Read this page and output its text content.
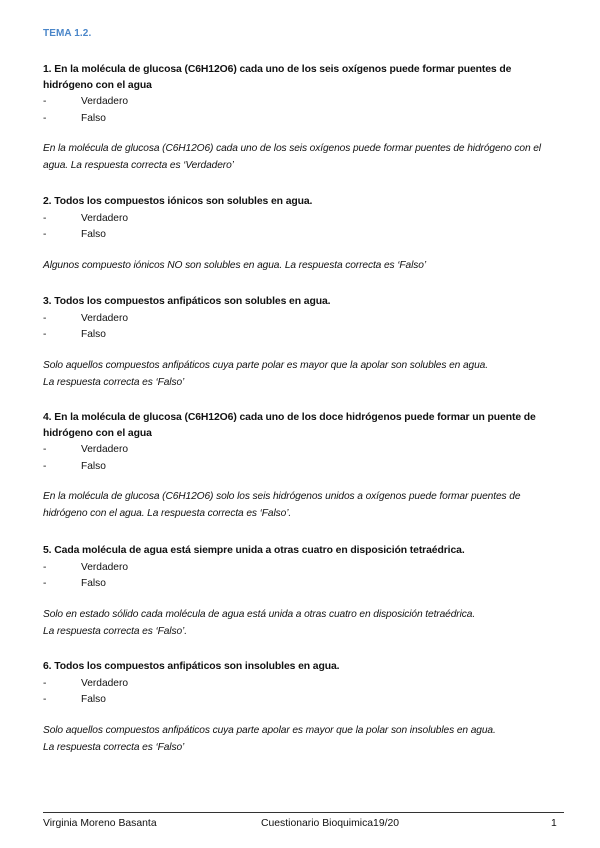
TEMA 1.2.
1. En la molécula de glucosa (C6H12O6) cada uno de los seis oxígenos puede formar puentes de hidrógeno con el agua
-	Verdadero
-	Falso
En la molécula de glucosa (C6H12O6) cada uno de los seis oxígenos puede formar puentes de hidrógeno con el agua. La respuesta correcta es ‘Verdadero’
2. Todos los compuestos iónicos son solubles en agua.
-	Verdadero
-	Falso
Algunos compuesto iónicos NO son solubles en agua. La respuesta correcta es ‘Falso’
3. Todos los compuestos anfipáticos son solubles en agua.
-	Verdadero
-	Falso
Solo aquellos compuestos anfipáticos cuya parte polar es mayor que la apolar son solubles en agua.
La respuesta correcta es ‘Falso’
4. En la molécula de glucosa (C6H12O6) cada uno de los doce hidrógenos puede formar un puente de hidrógeno con el agua
-	Verdadero
-	Falso
En la molécula de glucosa (C6H12O6) solo los seis hidrógenos unidos a oxígenos puede formar puentes de hidrógeno con el agua. La respuesta correcta es ‘Falso’.
5. Cada molécula de agua está siempre unida a otras cuatro en disposición tetraédrica.
-	Verdadero
-	Falso
Solo en estado sólido cada molécula de agua está unida a otras cuatro en disposición tetraédrica.
La respuesta correcta es ‘Falso’.
6. Todos los compuestos anfipáticos son insolubles en agua.
-	Verdadero
-	Falso
Solo aquellos compuestos anfipáticos cuya parte apolar es mayor que la polar son insolubles en agua.
La respuesta correcta es ‘Falso’
Virginia Moreno Basanta	Cuestionario Bioquimica19/20	1
